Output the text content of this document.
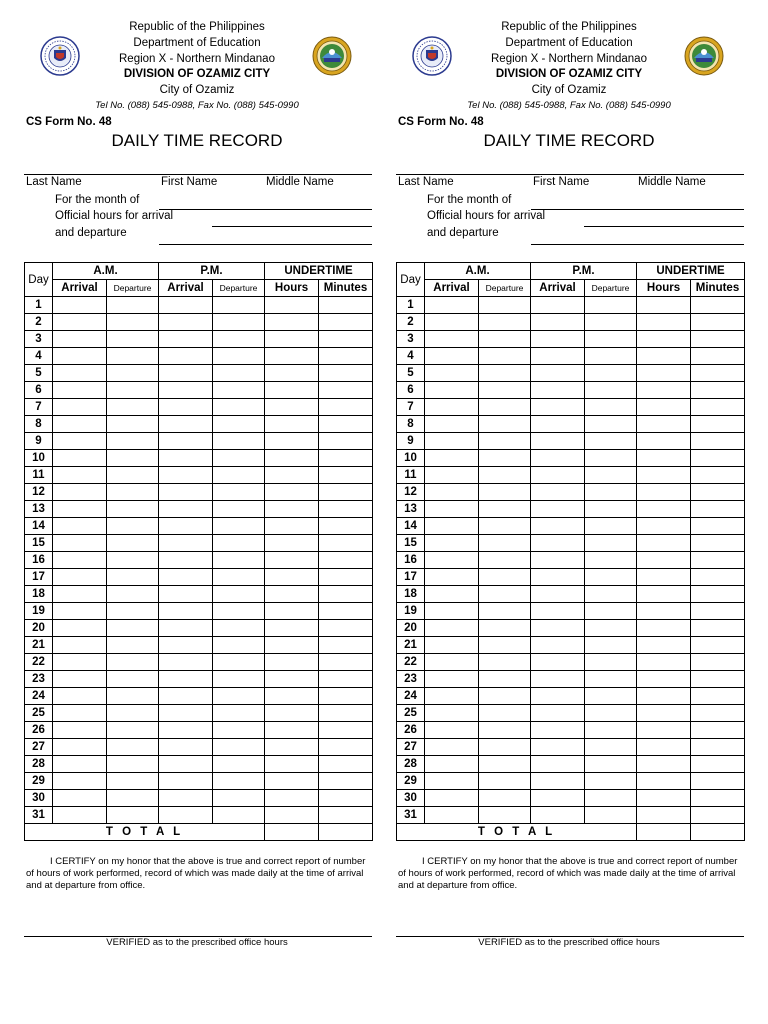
Republic of the Philippines
Department of Education
Region X - Northern Mindanao
DIVISION OF OZAMIZ CITY
City of Ozamiz
Tel No. (088) 545-0988, Fax No. (088) 545-0990
CS Form No. 48
DAILY TIME RECORD
Last Name	First Name	Middle Name
For the month of
Official hours for arrival
and departure
Day	A.M.		P.M.		UNDERTIME	
	Arrival	Departure	Arrival	Departure	Hours	Minutes
1						
2						
3						
4						
5						
6						
7						
8						
9						
10						
11						
12						
13						
14						
15						
16						
17						
18						
19						
20						
21						
22						
23						
24						
25						
26						
27						
28						
29						
30						
31						
T O T A L						
I CERTIFY on my honor that the above is true and correct report of number of hours of work performed, record of which was made daily at the time of arrival and at departure from office.
VERIFIED as to the prescribed office hours
Republic of the Philippines
Department of Education
Region X - Northern Mindanao
DIVISION OF OZAMIZ CITY
City of Ozamiz
Tel No. (088) 545-0988, Fax No. (088) 545-0990
CS Form No. 48
DAILY TIME RECORD
Last Name	First Name	Middle Name
For the month of
Official hours for arrival
and departure
Day	A.M.		P.M.		UNDERTIME	
	Arrival	Departure	Arrival	Departure	Hours	Minutes
1						
2						
3						
4						
5						
6						
7						
8						
9						
10						
11						
12						
13						
14						
15						
16						
17						
18						
19						
20						
21						
22						
23						
24						
25						
26						
27						
28						
29						
30						
31						
T O T A L						
I CERTIFY on my honor that the above is true and correct report of number of hours of work performed, record of which was made daily at the time of arrival and at departure from office.
VERIFIED as to the prescribed office hours
